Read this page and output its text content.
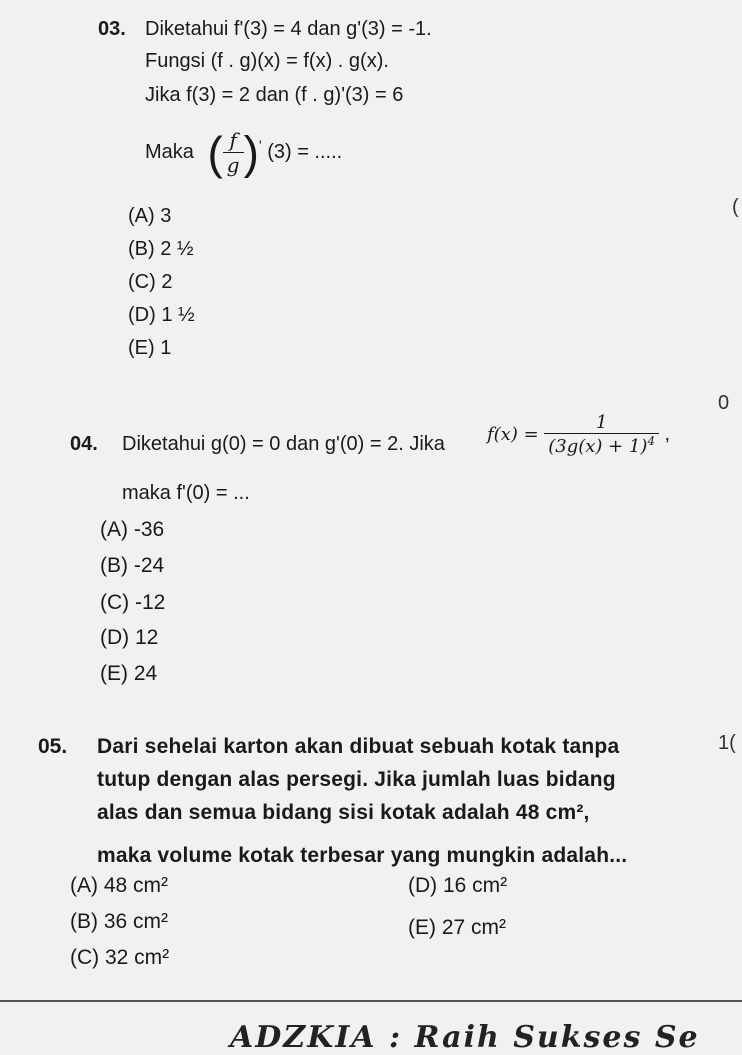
03. Diketahui f'(3) = 4 dan g'(3) = -1.
Fungsi (f . g)(x) = f(x) . g(x).
Jika f(3) = 2 dan (f . g)'(3) = 6
Maka ( $\frac{f}{g} )'$ (3) = .....
(A) 3
(B) 2 ½
(C) 2
(D) 1 ½
(E) 1
04. Diketahui g(0) = 0 dan g'(0) = 2. Jika $f(x) = \frac{1}{(3g(x) + 1)^4}$ ,
maka f'(0) = ...
(A) -36
(B) -24
(C) -12
(D) 12
(E) 24
05. Dari sehelai karton akan dibuat sebuah kotak tanpa
tutup dengan alas persegi. Jika jumlah luas bidang
alas dan semua bidang sisi kotak adalah 48 cm²,
maka volume kotak terbesar yang mungkin adalah...
(A) 48 cm²
(B) 36 cm²
(C) 32 cm²
(D) 16 cm²
(E) 27 cm²
(
0
1(
ADZKIA : Raih Sukses Se
